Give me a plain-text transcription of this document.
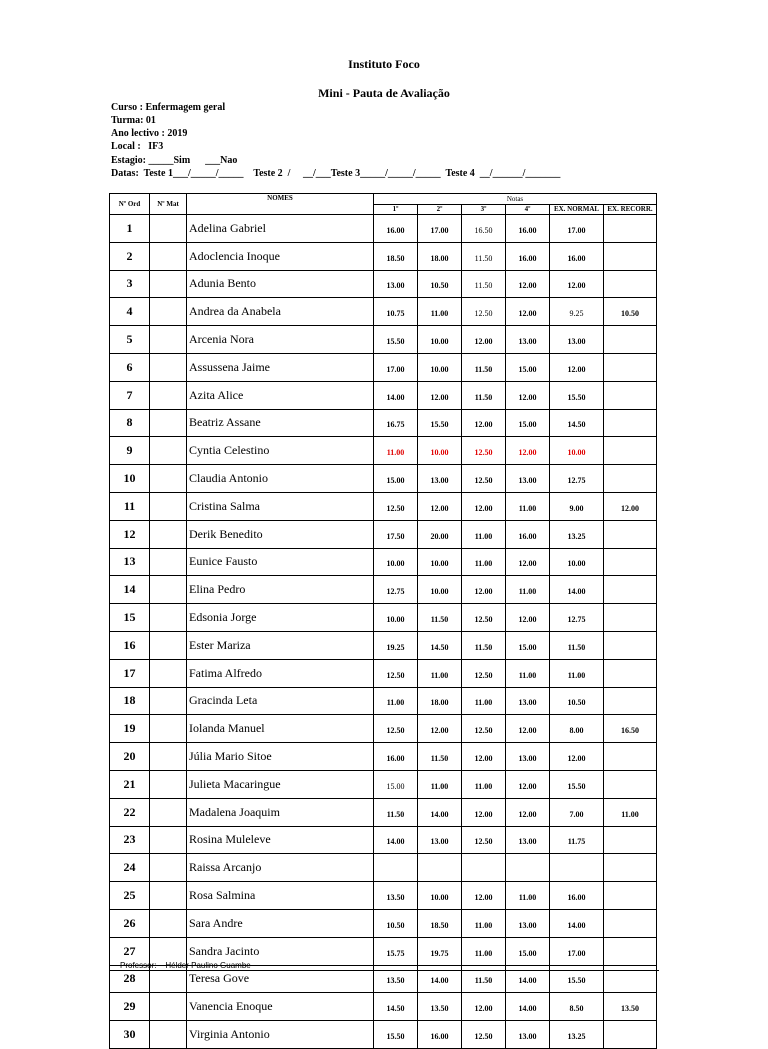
Instituto Foco
Mini - Pauta de Avaliação
Curso : Enfermagem geral
Turma: 01
Ano lectivo : 2019
Local :   IF3
Estagio: _____Sim      ___Nao
Datas:  Teste 1___/_____/_____    Teste 2  /     __/___Teste 3_____/_____/_____  Teste 4  __/______/_______
Nº Ord	Nº Mat	NOMES	Notas					
			1º	2º	3º	4º	EX. NORMAL	EX. RECORR.
1		Adelina Gabriel	16.00	17.00	16.50	16.00	17.00	
2		Adoclencia Inoque	18.50	18.00	11.50	16.00	16.00	
3		Adunia Bento	13.00	10.50	11.50	12.00	12.00	
4		Andrea da Anabela	10.75	11.00	12.50	12.00	9.25	10.50
5		Arcenia Nora	15.50	10.00	12.00	13.00	13.00	
6		Assussena Jaime	17.00	10.00	11.50	15.00	12.00	
7		Azita Alice	14.00	12.00	11.50	12.00	15.50	
8		Beatriz Assane	16.75	15.50	12.00	15.00	14.50	
9		Cyntia Celestino	11.00	10.00	12.50	12.00	10.00	
10		Claudia Antonio	15.00	13.00	12.50	13.00	12.75	
11		Cristina Salma	12.50	12.00	12.00	11.00	9.00	12.00
12		Derik Benedito	17.50	20.00	11.00	16.00	13.25	
13		Eunice Fausto	10.00	10.00	11.00	12.00	10.00	
14		Elina Pedro	12.75	10.00	12.00	11.00	14.00	
15		Edsonia Jorge	10.00	11.50	12.50	12.00	12.75	
16		Ester Mariza	19.25	14.50	11.50	15.00	11.50	
17		Fatima Alfredo	12.50	11.00	12.50	11.00	11.00	
18		Gracinda Leta	11.00	18.00	11.00	13.00	10.50	
19		Iolanda Manuel	12.50	12.00	12.50	12.00	8.00	16.50
20		Júlia Mario Sitoe	16.00	11.50	12.00	13.00	12.00	
21		Julieta Macaringue	15.00	11.00	11.00	12.00	15.50	
22		Madalena Joaquim	11.50	14.00	12.00	12.00	7.00	11.00
23		Rosina Muleleve	14.00	13.00	12.50	13.00	11.75	
24		Raissa Arcanjo						
25		Rosa Salmina	13.50	10.00	12.00	11.00	16.00	
26		Sara Andre	10.50	18.50	11.00	13.00	14.00	
27		Sandra Jacinto	15.75	19.75	11.00	15.00	17.00	
28		Teresa Gove	13.50	14.00	11.50	14.00	15.50	
29		Vanencia Enoque	14.50	13.50	12.00	14.00	8.50	13.50
30		Virginia Antonio	15.50	16.00	12.50	13.00	13.25	
Professor:    Hélder Paulino Guambe
